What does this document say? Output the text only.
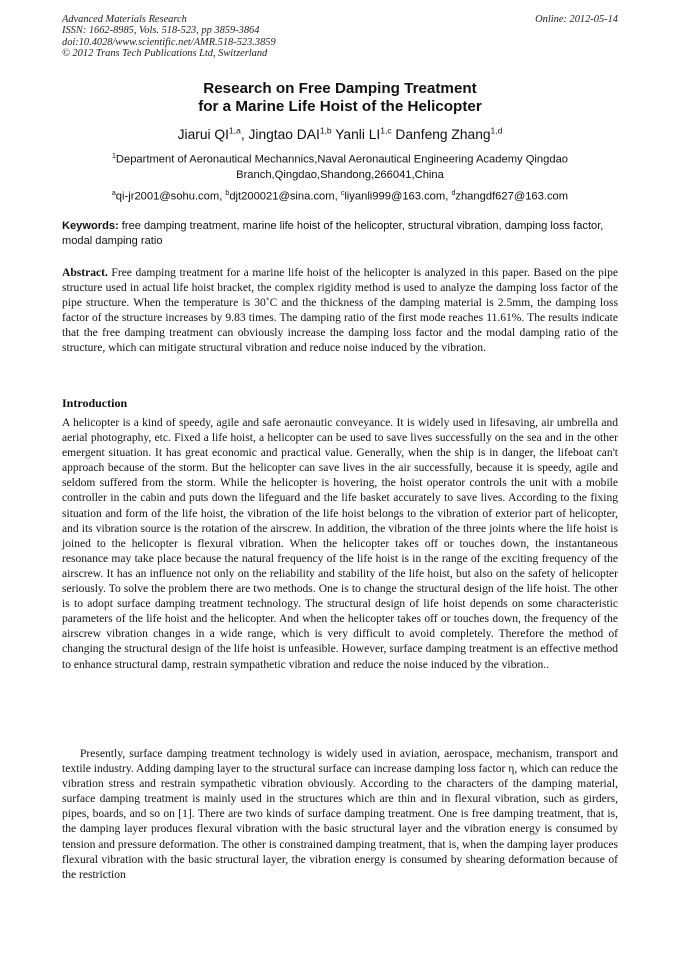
Advanced Materials Research	Online: 2012-05-14
ISSN: 1662-8985, Vols. 518-523, pp 3859-3864
doi:10.4028/www.scientific.net/AMR.518-523.3859
© 2012 Trans Tech Publications Ltd, Switzerland
Research on Free Damping Treatment
for a Marine Life Hoist of the Helicopter
Jiarui QI$^{1,a}$, Jingtao DAI$^{1,b}$ Yanli LI$^{1,c}$ Danfeng Zhang$^{1,d}$
$^1$Department of Aeronautical Mechannics,Naval Aeronautical Engineering Academy Qingdao
Branch,Qingdao,Shandong,266041,China
$^a$qi-jr2001@sohu.com, $^b$djt200021@sina.com, $^c$liyanli999@163.com, $^d$zhangdf627@163.com
Keywords: free damping treatment, marine life hoist of the helicopter, structural vibration, damping loss factor, modal damping ratio
Abstract. Free damping treatment for a marine life hoist of the helicopter is analyzed in this paper. Based on the pipe structure used in actual life hoist bracket, the complex rigidity method is used to analyze the damping loss factor of the pipe structure. When the temperature is 30˚C and the thickness of the damping material is 2.5mm, the damping loss factor of the structure increases by 9.83 times. The damping ratio of the first mode reaches 11.61%. The results indicate that the free damping treatment can obviously increase the damping loss factor and the modal damping ratio of the structure, which can mitigate structural vibration and reduce noise induced by the vibration.
Introduction
A helicopter is a kind of speedy, agile and safe aeronautic conveyance. It is widely used in lifesaving, air umbrella and aerial photography, etc. Fixed a life hoist, a helicopter can be used to save lives successfully on the sea and in the other emergent situation. It has great economic and practical value. Generally, when the ship is in danger, the lifeboat can't approach because of the storm. But the helicopter can save lives in the air successfully, because it is speedy, agile and seldom suffered from the storm. While the helicopter is hovering, the hoist operator controls the unit with a mobile controller in the cabin and puts down the lifeguard and the life basket accurately to save lives. According to the fixing situation and form of the life hoist, the vibration of the life hoist belongs to the vibration of exterior part of helicopter, and its vibration source is the rotation of the airscrew. In addition, the vibration of the three joints where the life hoist is joined to the helicopter is flexural vibration. When the helicopter takes off or touches down, the instantaneous resonance may take place because the natural frequency of the life hoist is in the range of the exciting frequency of the airscrew. It has an influence not only on the reliability and stability of the life hoist, but also on the safety of helicopter seriously. To solve the problem there are two methods. One is to change the structural design of the life hoist. The other is to adopt surface damping treatment technology. The structural design of life hoist depends on some characteristic parameters of the life hoist and the helicopter. And when the helicopter takes off or touches down, the frequency of the airscrew vibration changes in a wide range, which is very difficult to avoid completely. Therefore the method of changing the structural design of the life hoist is unfeasible. However, surface damping treatment is an effective method to enhance structural damp, restrain sympathetic vibration and reduce the noise induced by the vibration..
Presently, surface damping treatment technology is widely used in aviation, aerospace, mechanism, transport and textile industry. Adding damping layer to the structural surface can increase damping loss factor η, which can reduce the vibration stress and restrain sympathetic vibration obviously. According to the characters of the damping material, surface damping treatment is mainly used in the structures which are thin and in flexural vibration, such as girders, pipes, boards, and so on [1]. There are two kinds of surface damping treatment. One is free damping treatment, that is, the damping layer produces flexural vibration with the basic structural layer and the vibration energy is consumed by tension and pressure deformation. The other is constrained damping treatment, that is, when the damping layer produces flexural vibration with the basic structural layer, the vibration energy is consumed by shearing deformation because of the restriction
